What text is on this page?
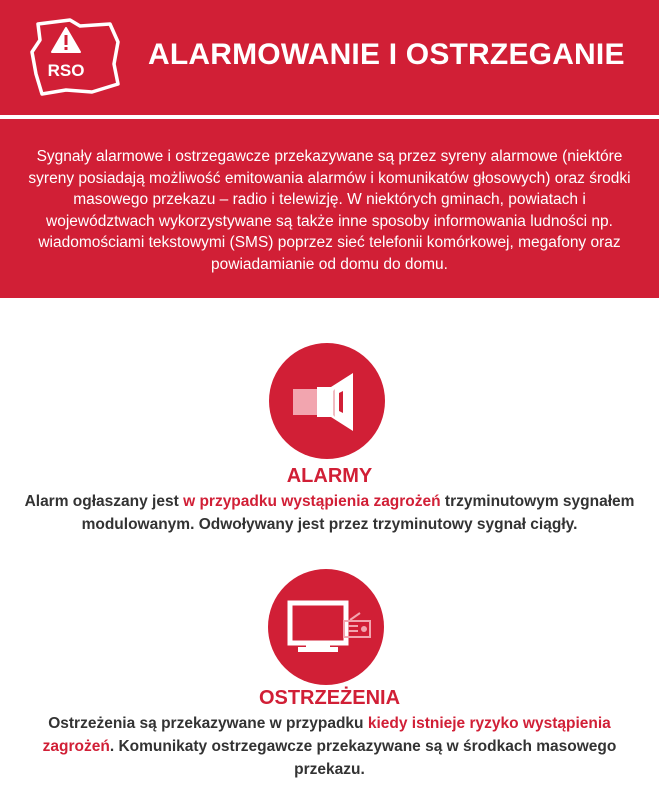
RSO ALARMOWANIE I OSTRZEGANIE

Sygnały alarmowe i ostrzegawcze przekazywane są przez syreny alarmowe (niektóre syreny posiadają możliwość emitowania alarmów i komunikatów głosowych) oraz środki masowego przekazu – radio i telewizję. W niektórych gminach, powiatach i województwach wykorzystywane są także inne sposoby informowania ludności np. wiadomościami tekstowymi (SMS) poprzez sieć telefonii komórkowej, megafony oraz powiadamianie od domu do domu.

ALARMY

Alarm ogłaszany jest w przypadku wystąpienia zagrożeń trzyminutowym sygnałem modulowanym. Odwoływany jest przez trzyminutowy sygnał ciągły.

OSTRZEŻENIA

Ostrzeżenia są przekazywane w przypadku kiedy istnieje ryzyko wystąpienia zagrożeń. Komunikaty ostrzegawcze przekazywane są w środkach masowego przekazu.
